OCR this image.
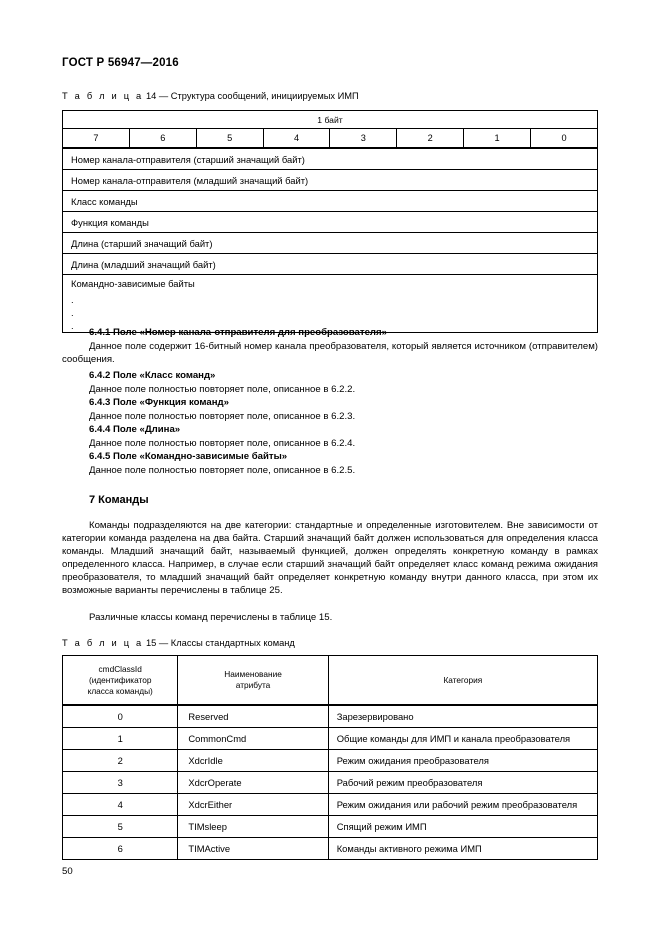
ГОСТ Р 56947—2016
Т а б л и ц а 14 — Структура сообщений, инициируемых ИМП
1 байт
7	6	5	4	3	2	1	0
Номер канала-отправителя (старший значащий байт)
Номер канала-отправителя (младший значащий байт)
Класс команды
Функция команды
Длина (старший значащий байт)
Длина (младший значащий байт)
Командно-зависимые байты
.
.
.
6.4.1 Поле «Номер канала-отправителя для преобразователя»
Данное поле содержит 16-битный номер канала преобразователя, который является источником (отправителем) сообщения.
6.4.2 Поле «Класс команд»
Данное поле полностью повторяет поле, описанное в 6.2.2.
6.4.3 Поле «Функция команд»
Данное поле полностью повторяет поле, описанное в 6.2.3.
6.4.4 Поле «Длина»
Данное поле полностью повторяет поле, описанное в 6.2.4.
6.4.5 Поле «Командно-зависимые байты»
Данное поле полностью повторяет поле, описанное в 6.2.5.
7 Команды
Команды подразделяются на две категории: стандартные и определенные изготовителем. Вне зависимости от категории команда разделена на два байта. Старший значащий байт должен использоваться для определения класса команды. Младший значащий байт, называемый функцией, должен определять конкретную команду в рамках определенного класса. Например, в случае если старший значащий байт определяет класс команд режима ожидания преобразователя, то младший значащий байт определяет конкретную команду внутри данного класса, при этом их возможные варианты перечислены в таблице 25.
Различные классы команд перечислены в таблице 15.
Т а б л и ц а 15 — Классы стандартных команд
cmdClassId
(идентификатор
класса команды)	Наименование
атрибута	Категория
0	Reserved	Зарезервировано
1	CommonCmd	Общие команды для ИМП и канала преобразователя
2	XdcrIdle	Режим ожидания преобразователя
3	XdcrOperate	Рабочий режим преобразователя
4	XdcrEither	Режим ожидания или рабочий режим преобразователя
5	TIMsleep	Спящий режим ИМП
6	TIMActive	Команды активного режима ИМП
50
